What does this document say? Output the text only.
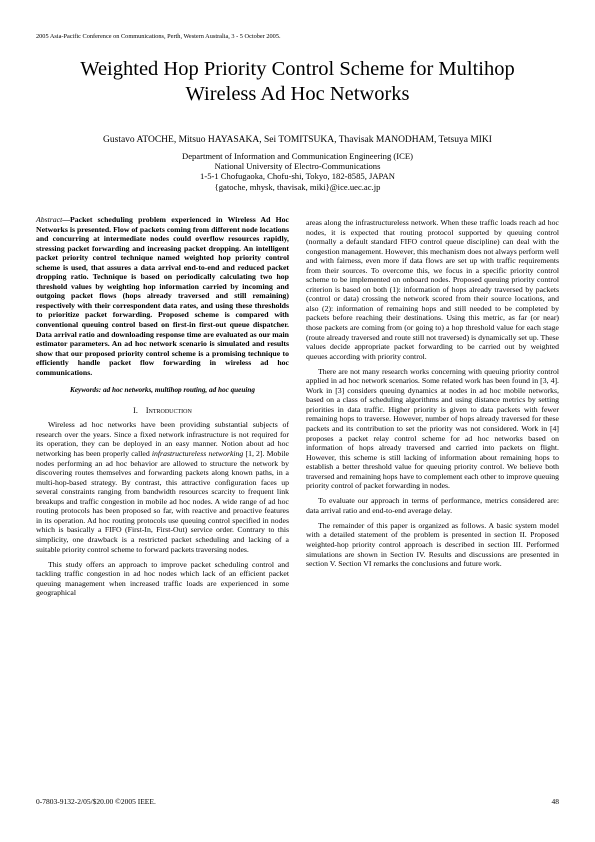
2005 Asia-Pacific Conference on Communications, Perth, Western Australia, 3 - 5 October 2005.
Weighted Hop Priority Control Scheme for Multihop
Wireless Ad Hoc Networks
Gustavo ATOCHE, Mitsuo HAYASAKA, Sei TOMITSUKA, Thavisak MANODHAM, Tetsuya MIKI
Department of Information and Communication Engineering (ICE)
National University of Electro-Communications
1-5-1 Chofugaoka, Chofu-shi, Tokyo, 182-8585, JAPAN
{gatoche, mhysk, thavisak, miki}@ice.uec.ac.jp

Abstract—Packet scheduling problem experienced in Wireless Ad Hoc Networks is presented. Flow of packets coming from different node locations and concurring at intermediate nodes could overflow resources rapidly, stressing packet forwarding and increasing packet dropping. An intelligent packet priority control technique named weighted hop priority control scheme is used, that assures a data arrival end-to-end and reduced packet dropping ratio. Technique is based on periodically calculating two hop threshold values by weighting hop information carried by incoming and outgoing packet flows (hops already traversed and still remaining) respectively with their correspondent data rates, and using these thresholds to prioritize packet forwarding. Proposed scheme is compared with conventional queuing control based on first-in first-out queue dispatcher. Data arrival ratio and downloading response time are evaluated as our main estimator parameters. An ad hoc network scenario is simulated and results show that our proposed priority control scheme is a promising technique to efficiently handle packet flow forwarding in wireless ad hoc communications.

Keywords: ad hoc networks, multihop routing, ad hoc queuing
I. Introduction

Wireless ad hoc networks have been providing substantial subjects of research over the years. Since a fixed network infrastructure is not required for its operation, they can be deployed in an easy manner. Notion about ad hoc networking has been properly called infrastructureless networking [1, 2]. Mobile nodes performing an ad hoc behavior are allowed to structure the network by discovering routes themselves and forwarding packets along known paths, in a multi-hop-based strategy. By contrast, this attractive configuration faces up several constraints ranging from bandwidth resources scarcity to frequent link breakups and traffic congestion in mobile ad hoc nodes. A wide range of ad hoc routing protocols has been proposed so far, with reactive and proactive features in its operation. Ad hoc routing protocols use queuing control specified in nodes which is basically a FIFO (First-In, First-Out) service order. Contrary to this simplicity, one drawback is a restricted packet scheduling and lacking of a suitable priority control scheme to forward packets traversing nodes.

This study offers an approach to improve packet scheduling control and tackling traffic congestion in ad hoc nodes which lack of an efficient packet queuing management when increased traffic loads are experienced in some geographical

areas along the infrastructureless network. When these traffic loads reach ad hoc nodes, it is expected that routing protocol supported by queuing control (normally a default standard FIFO control queue discipline) can deal with the congestion management. However, this mechanism does not always perform well and with fairness, even more if data flows are set up with traffic requirements from their sources. To overcome this, we focus in a specific priority control scheme to be implemented on onboard nodes. Proposed queuing priority control criterion is based on both (1): information of hops already traversed by packets (control or data) crossing the network scored from their source locations, and also (2): information of remaining hops and still needed to be completed by packets before reaching their destinations. Using this metric, as far (or near) those packets are coming from (or going to) a hop threshold value for each stage (route already traversed and route still not traversed) is dynamically set up. These values decide appropriate packet forwarding to be carried out by weighted queues according with priority control.

There are not many research works concerning with queuing priority control applied in ad hoc network scenarios. Some related work has been found in [3, 4]. Work in [3] considers queuing dynamics at nodes in ad hoc mobile networks, based on a class of scheduling algorithms and using distance metrics by setting priorities in data traffic. Higher priority is given to data packets with fewer remaining hops to traverse. However, number of hops already traversed for these packets and its contribution to set the priority was not considered. Work in [4] proposes a packet relay control scheme for ad hoc networks based on information of hops already traversed and carried into packets on flight. However, this scheme is still lacking of information about remaining hops to establish a better threshold value for queuing priority control. We believe both traversed and remaining hops have to complement each other to improve queuing priority control of packet forwarding in nodes.

To evaluate our approach in terms of performance, metrics considered are: data arrival ratio and end-to-end average delay.

The remainder of this paper is organized as follows. A basic system model with a detailed statement of the problem is presented in section II. Proposed weighted-hop priority control approach is described in section III. Performed simulations are shown in Section IV. Results and discussions are presented in section V. Section VI remarks the conclusions and future work.

0-7803-9132-2/05/$20.00 ©2005 IEEE.	48
